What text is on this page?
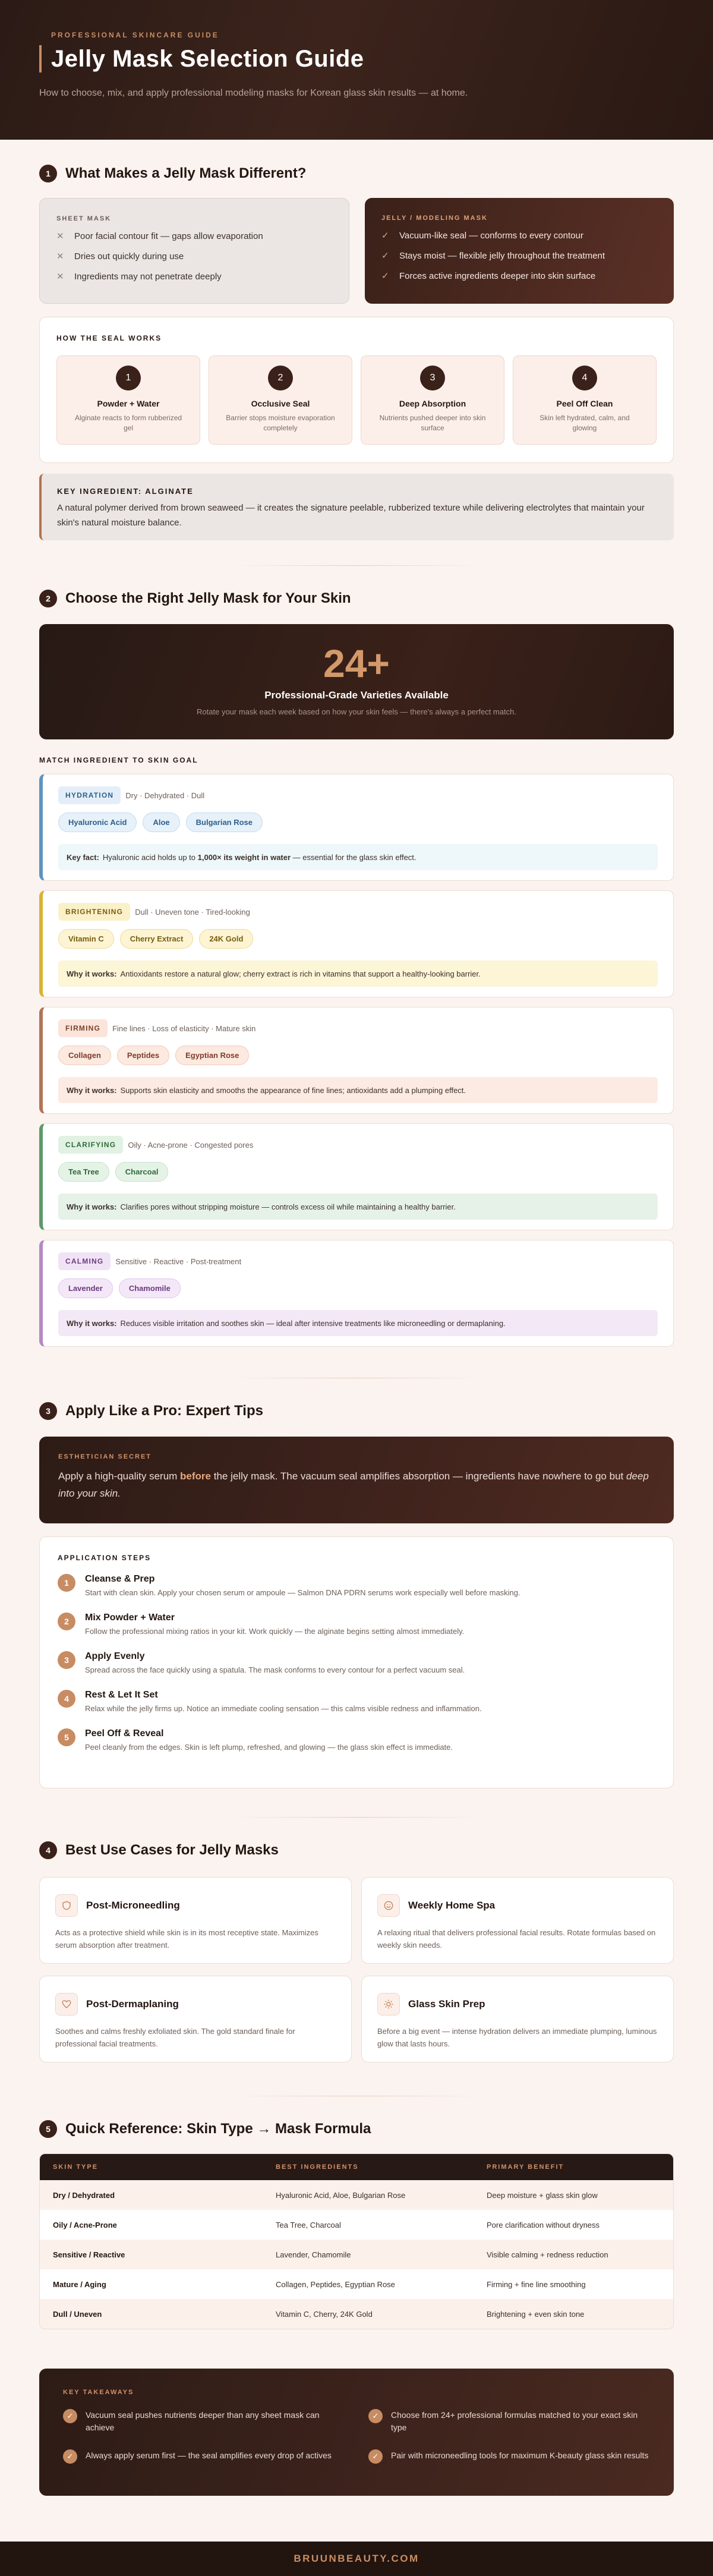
PROFESSIONAL SKINCARE GUIDE
Jelly Mask Selection Guide
How to choose, mix, and apply professional modeling masks for Korean glass skin results — at home.
1	What Makes a Jelly Mask Different?
SHEET MASK
✕	Poor facial contour fit — gaps allow evaporation
✕	Dries out quickly during use
✕	Ingredients may not penetrate deeply
JELLY / MODELING MASK
✓	Vacuum-like seal — conforms to every contour
✓	Stays moist — flexible jelly throughout the treatment
✓	Forces active ingredients deeper into skin surface
HOW THE SEAL WORKS
1
Powder + Water
Alginate reacts to form rubberized gel
2
Occlusive Seal
Barrier stops moisture evaporation completely
3
Deep Absorption
Nutrients pushed deeper into skin surface
4
Peel Off Clean
Skin left hydrated, calm, and glowing
KEY INGREDIENT: ALGINATE

A natural polymer derived from brown seaweed — it creates the signature peelable, rubberized texture while delivering electrolytes that maintain your skin's natural moisture balance.

2	Choose the Right Jelly Mask for Your Skin
24+
Professional-Grade Varieties Available
Rotate your mask each week based on how your skin feels — there's always a perfect match.
MATCH INGREDIENT TO SKIN GOAL
HYDRATION	Dry · Dehydrated · Dull
Hyaluronic Acid	Aloe	Bulgarian Rose
Key fact: Hyaluronic acid holds up to 1,000× its weight in water — essential for the glass skin effect.
BRIGHTENING	Dull · Uneven tone · Tired-looking
Vitamin C	Cherry Extract	24K Gold
Why it works: Antioxidants restore a natural glow; cherry extract is rich in vitamins that support a healthy-looking barrier.
FIRMING	Fine lines · Loss of elasticity · Mature skin
Collagen	Peptides	Egyptian Rose
Why it works: Supports skin elasticity and smooths the appearance of fine lines; antioxidants add a plumping effect.
CLARIFYING	Oily · Acne-prone · Congested pores
Tea Tree	Charcoal
Why it works: Clarifies pores without stripping moisture — controls excess oil while maintaining a healthy barrier.
CALMING	Sensitive · Reactive · Post-treatment
Lavender	Chamomile
Why it works: Reduces visible irritation and soothes skin — ideal after intensive treatments like microneedling or dermaplaning.
3	Apply Like a Pro: Expert Tips
ESTHETICIAN SECRET

Apply a high-quality serum before the jelly mask. The vacuum seal amplifies absorption — ingredients have nowhere to go but deep into your skin.

APPLICATION STEPS
1	Cleanse & Prep
Start with clean skin. Apply your chosen serum or ampoule — Salmon DNA PDRN serums work especially well before masking.
2	Mix Powder + Water
Follow the professional mixing ratios in your kit. Work quickly — the alginate begins setting almost immediately.
3	Apply Evenly
Spread across the face quickly using a spatula. The mask conforms to every contour for a perfect vacuum seal.
4	Rest & Let It Set
Relax while the jelly firms up. Notice an immediate cooling sensation — this calms visible redness and inflammation.
5	Peel Off & Reveal
Peel cleanly from the edges. Skin is left plump, refreshed, and glowing — the glass skin effect is immediate.
4	Best Use Cases for Jelly Masks
Post-Microneedling
Acts as a protective shield while skin is in its most receptive state. Maximizes serum absorption after treatment.
Weekly Home Spa
A relaxing ritual that delivers professional facial results. Rotate formulas based on weekly skin needs.
Post-Dermaplaning
Soothes and calms freshly exfoliated skin. The gold standard finale for professional facial treatments.
Glass Skin Prep
Before a big event — intense hydration delivers an immediate plumping, luminous glow that lasts hours.
5	Quick Reference: Skin Type → Mask Formula
SKIN TYPE	BEST INGREDIENTS	PRIMARY BENEFIT
Dry / Dehydrated	Hyaluronic Acid, Aloe, Bulgarian Rose	Deep moisture + glass skin glow
Oily / Acne-Prone	Tea Tree, Charcoal	Pore clarification without dryness
Sensitive / Reactive	Lavender, Chamomile	Visible calming + redness reduction
Mature / Aging	Collagen, Peptides, Egyptian Rose	Firming + fine line smoothing
Dull / Uneven	Vitamin C, Cherry, 24K Gold	Brightening + even skin tone
KEY TAKEAWAYS
✓	Vacuum seal pushes nutrients deeper than any sheet mask can achieve
✓	Choose from 24+ professional formulas matched to your exact skin type
✓	Always apply serum first — the seal amplifies every drop of actives	✓	Pair with microneedling tools for maximum K-beauty glass skin results
BRUUNBEAUTY.COM
